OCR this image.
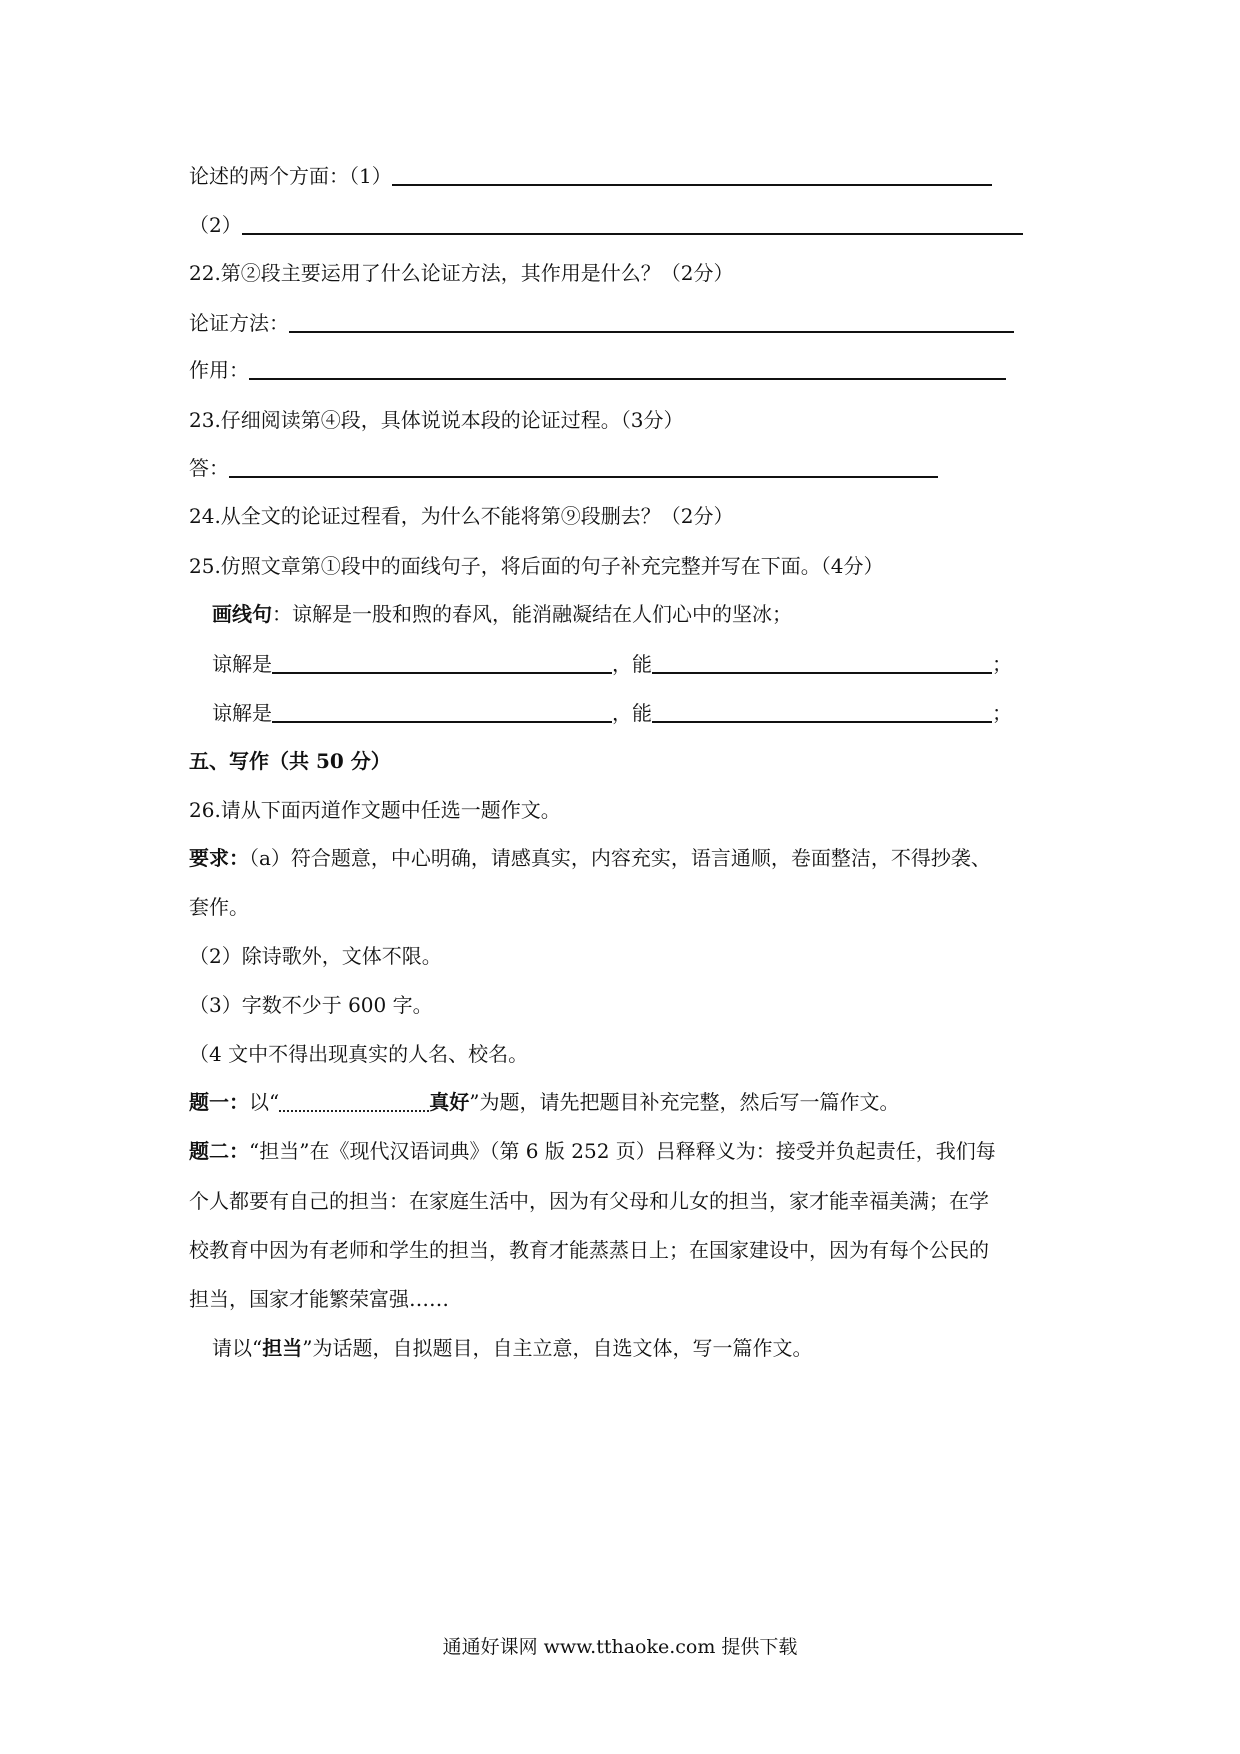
论述的两个方面：（1）
（2）
22.第②段主要运用了什么论证方法，其作用是什么？（2分）
论证方法：
作用：
23.仔细阅读第④段，具体说说本段的论证过程。（3分）
答：
24.从全文的论证过程看，为什么不能将第⑨段删去？（2分）
25.仿照文章第①段中的面线句子，将后面的句子补充完整并写在下面。（4分）
画线句：谅解是一股和煦的春风，能消融凝结在人们心中的坚冰；
谅解是	，能	；
谅解是	，能	；
五、写作（共 50 分）
26.请从下面丙道作文题中任选一题作文。
要求：（a）符合题意，中心明确，请感真实，内容充实，语言通顺，卷面整洁，不得抄袭、
套作。
（2）除诗歌外，文体不限。
（3）字数不少于 600 字。
（4 文中不得出现真实的人名、校名。
题一：以“	真好”为题，请先把题目补充完整，然后写一篇作文。
题二：“担当”在《现代汉语词典》（第 6 版 252 页）吕释释义为：接受并负起责任，我们每
个人都要有自己的担当：在家庭生活中，因为有父母和儿女的担当，家才能幸福美满；在学
校教育中因为有老师和学生的担当，教育才能蒸蒸日上；在国家建设中，因为有每个公民的
担当，国家才能繁荣富强……
请以“担当”为话题，自拟题目，自主立意，自选文体，写一篇作文。
通通好课网 www.tthaoke.com 提供下载
